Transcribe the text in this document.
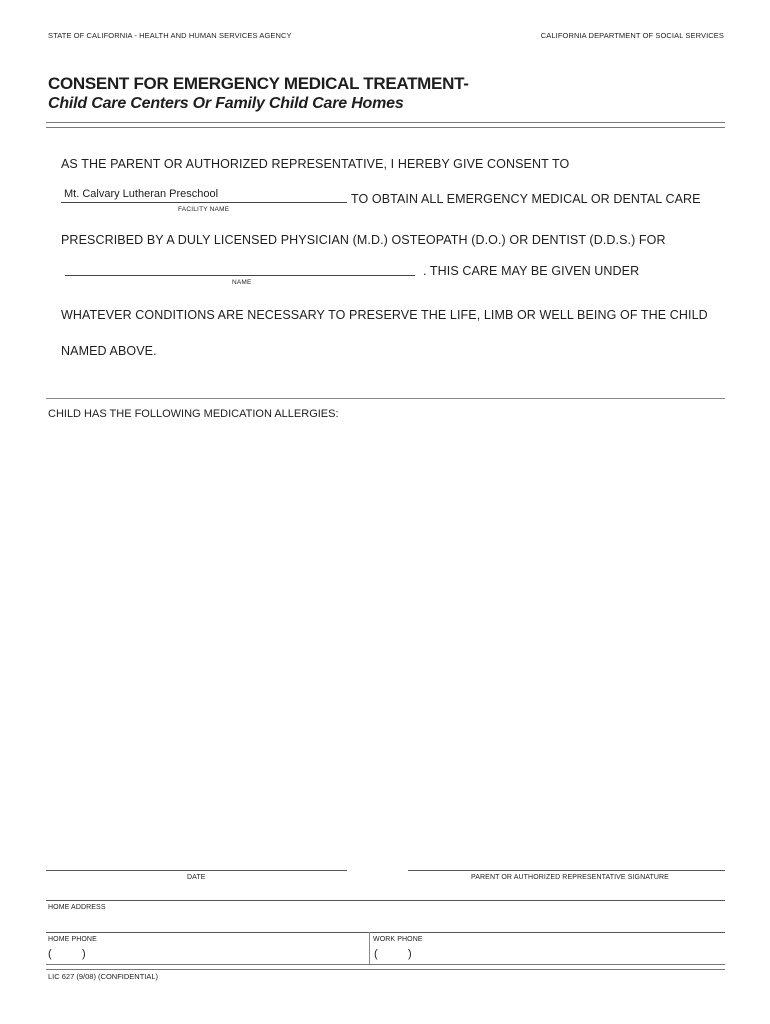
STATE OF CALIFORNIA - HEALTH AND HUMAN SERVICES AGENCY	CALIFORNIA DEPARTMENT OF SOCIAL SERVICES
CONSENT FOR EMERGENCY MEDICAL TREATMENT-
Child Care Centers Or Family Child Care Homes
AS THE PARENT OR AUTHORIZED REPRESENTATIVE, I HEREBY GIVE CONSENT TO
Mt. Calvary Lutheran Preschool
FACILITY NAME
TO OBTAIN ALL EMERGENCY MEDICAL OR DENTAL CARE
PRESCRIBED BY A DULY LICENSED PHYSICIAN (M.D.) OSTEOPATH (D.O.) OR DENTIST (D.D.S.) FOR
NAME
. THIS CARE MAY BE GIVEN UNDER
WHATEVER CONDITIONS ARE NECESSARY TO PRESERVE THE LIFE, LIMB OR WELL BEING OF THE CHILD
NAMED ABOVE.
CHILD HAS THE FOLLOWING MEDICATION ALLERGIES:
DATE	PARENT OR AUTHORIZED REPRESENTATIVE SIGNATURE
HOME ADDRESS
HOME PHONE
(	)
WORK PHONE
(	)
LIC 627 (9/08) (CONFIDENTIAL)
